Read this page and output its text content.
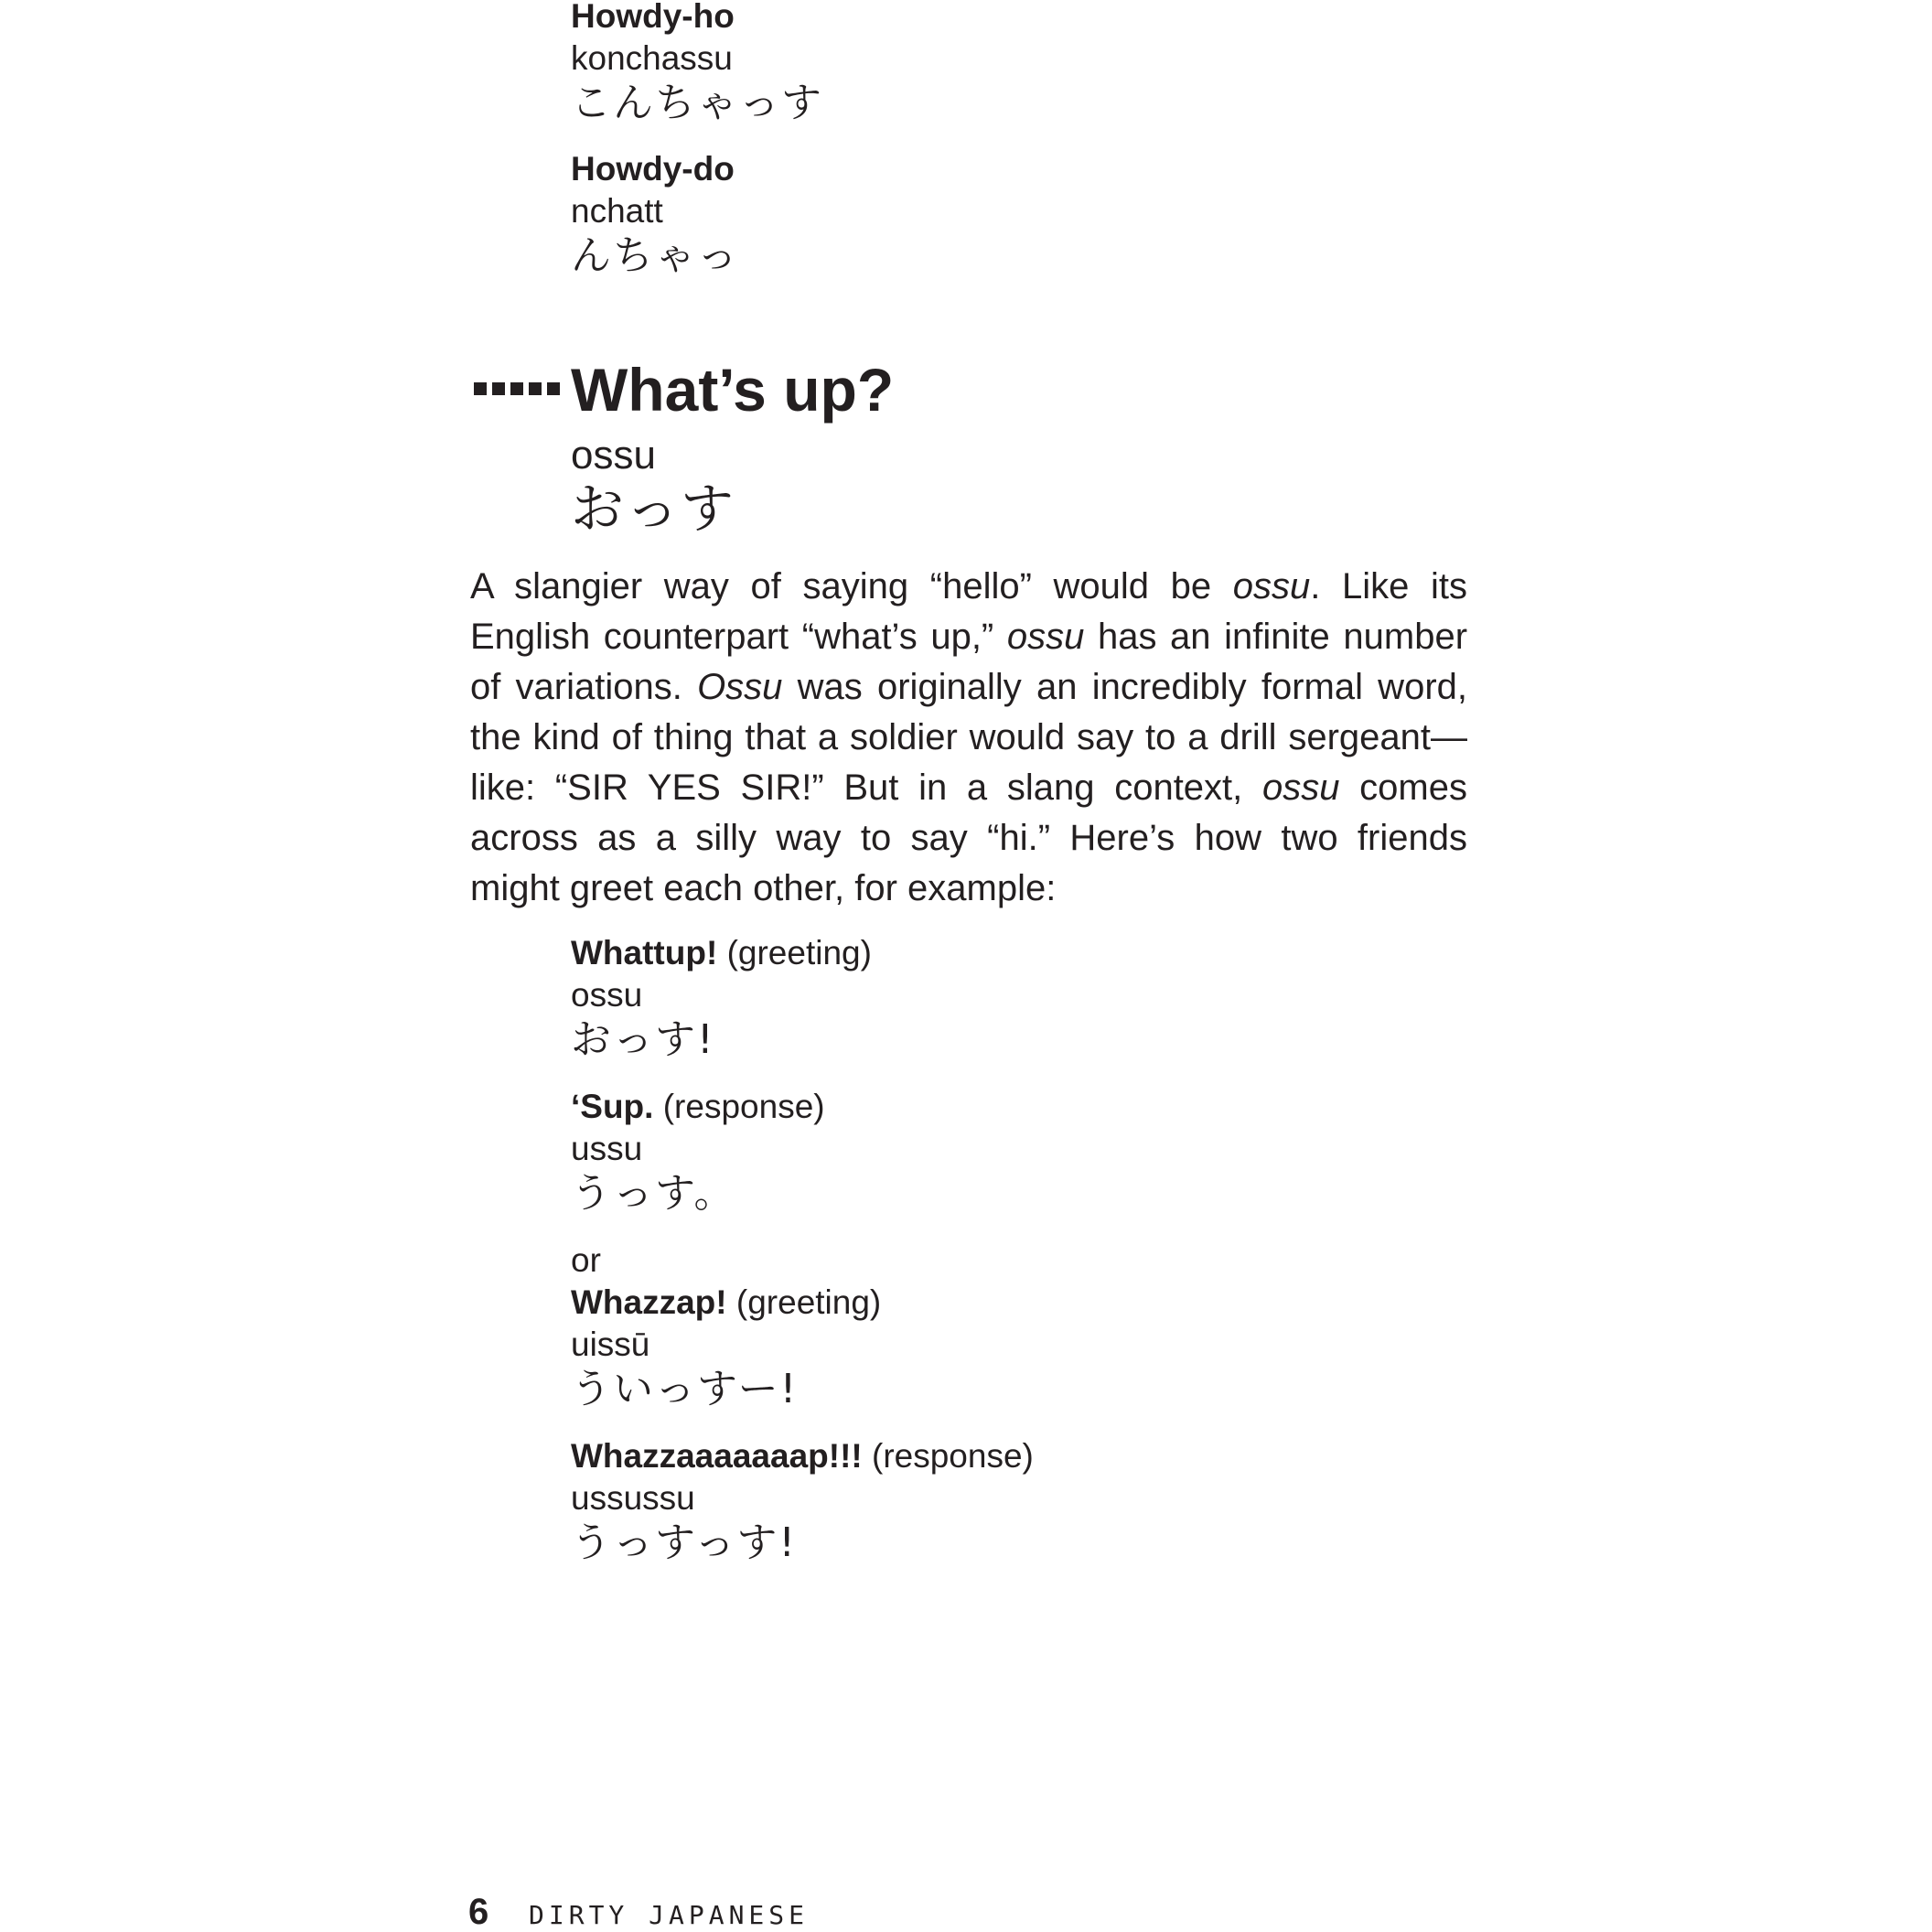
Howdy-ho
konchassu
こんちゃっす
Howdy-do
nchatt
んちゃっ
What’s up?
ossu
おっす
A slangier way of saying “hello” would be ossu. Like its
English counterpart “what’s up,” ossu has an infinite number
of variations. Ossu was originally an incredibly formal word,
the kind of thing that a soldier would say to a drill sergeant—
like: “SIR YES SIR!” But in a slang context, ossu comes
across as a silly way to say “hi.” Here’s how two friends
might greet each other, for example:
Whattup! (greeting)
ossu
おっす!
‘Sup. (response)
ussu
うっす。
or
Whazzap! (greeting)
uissū
ういっすー!
Whazzaaaaaaap!!! (response)
ussussu
うっすっす!
6 DIRTY JAPANESE
